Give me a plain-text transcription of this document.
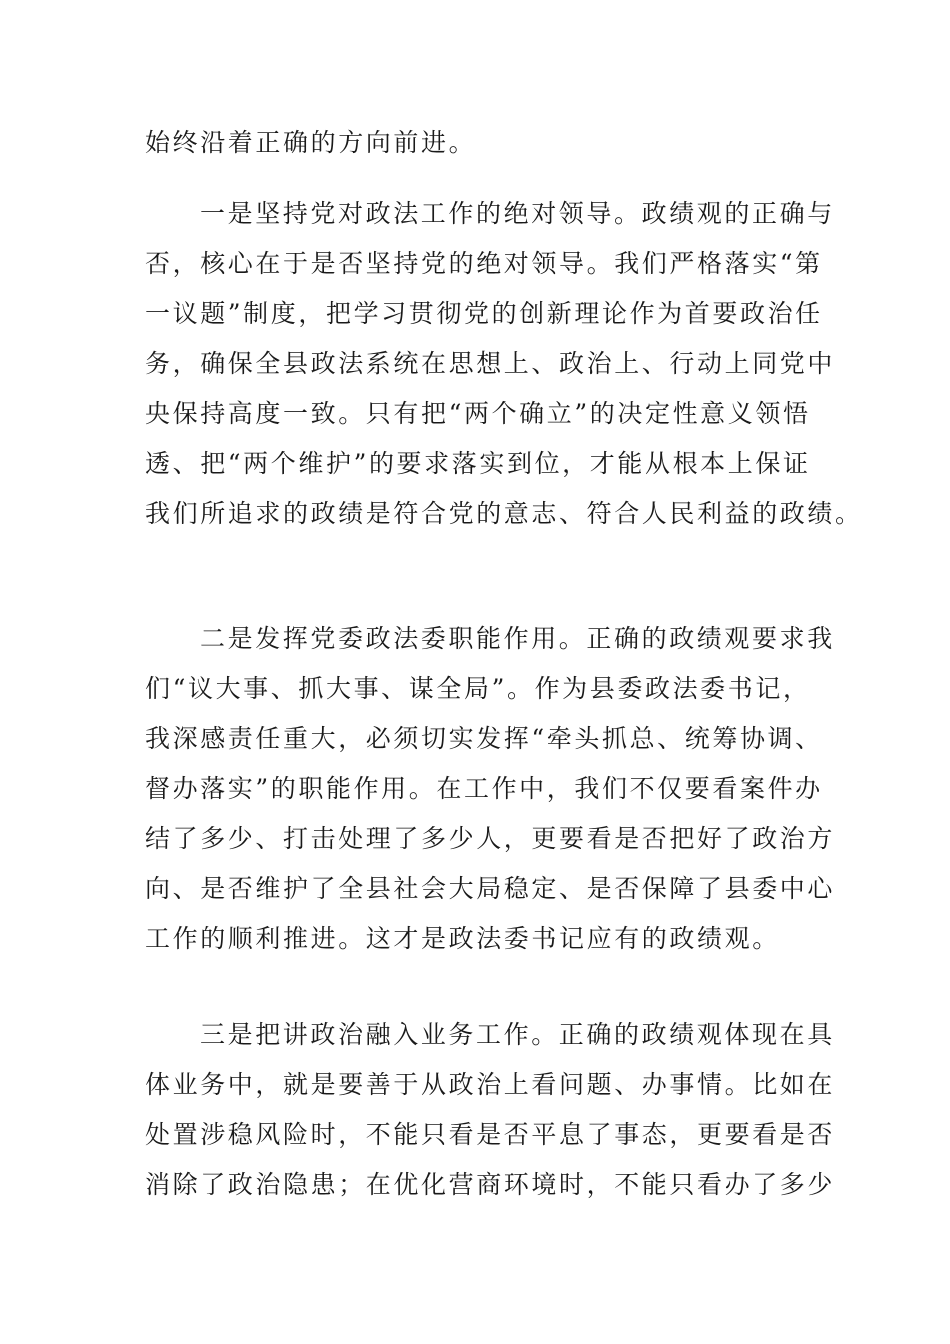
始终沿着正确的方向前进。
一是坚持党对政法工作的绝对领导。政绩观的正确与
否，核心在于是否坚持党的绝对领导。我们严格落实“第
一议题”制度，把学习贯彻党的创新理论作为首要政治任
务，确保全县政法系统在思想上、政治上、行动上同党中
央保持高度一致。只有把“两个确立”的决定性意义领悟
透、把“两个维护”的要求落实到位，才能从根本上保证
我们所追求的政绩是符合党的意志、符合人民利益的政绩。
二是发挥党委政法委职能作用。正确的政绩观要求我
们“议大事、抓大事、谋全局”。作为县委政法委书记，
我深感责任重大，必须切实发挥“牵头抓总、统筹协调、
督办落实”的职能作用。在工作中，我们不仅要看案件办
结了多少、打击处理了多少人，更要看是否把好了政治方
向、是否维护了全县社会大局稳定、是否保障了县委中心
工作的顺利推进。这才是政法委书记应有的政绩观。
三是把讲政治融入业务工作。正确的政绩观体现在具
体业务中，就是要善于从政治上看问题、办事情。比如在
处置涉稳风险时，不能只看是否平息了事态，更要看是否
消除了政治隐患；在优化营商环境时，不能只看办了多少
